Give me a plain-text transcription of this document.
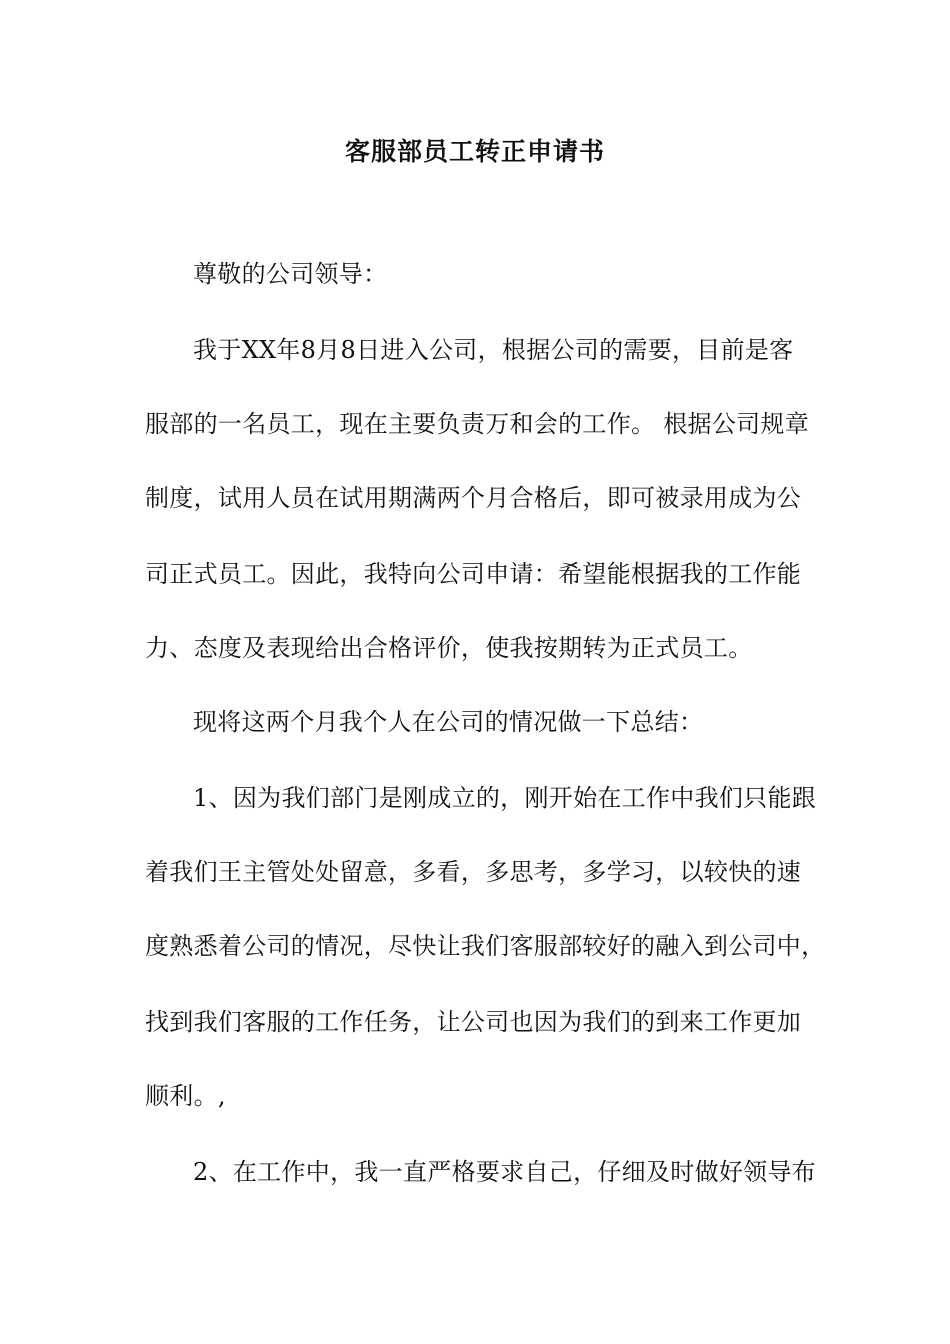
客服部员工转正申请书
尊敬的公司领导：
我于XX年8月8日进入公司，根据公司的需要，目前是客
服部的一名员工，现在主要负责万和会的工作。 根据公司规章
制度，试用人员在试用期满两个月合格后，即可被录用成为公
司正式员工。因此，我特向公司申请：希望能根据我的工作能
力、态度及表现给出合格评价，使我按期转为正式员工。
现将这两个月我个人在公司的情况做一下总结：
1、因为我们部门是刚成立的，刚开始在工作中我们只能跟
着我们王主管处处留意，多看，多思考，多学习，以较快的速
度熟悉着公司的情况，尽快让我们客服部较好的融入到公司中，
找到我们客服的工作任务，让公司也因为我们的到来工作更加
顺利。,
2、在工作中，我一直严格要求自己，仔细及时做好领导布
